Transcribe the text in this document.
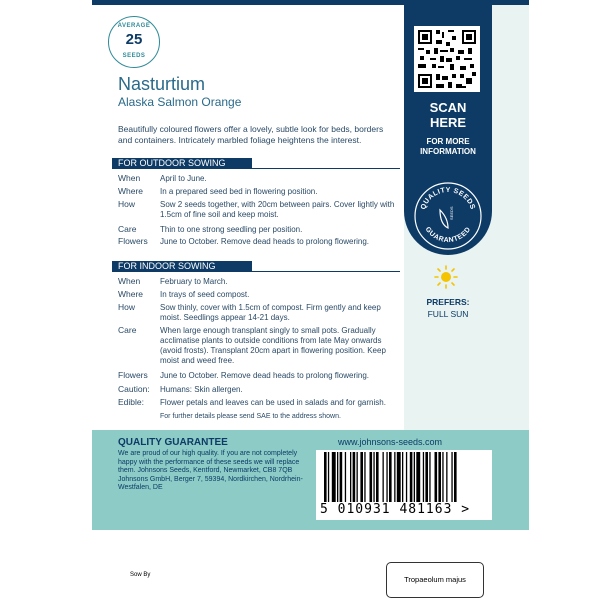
AVERAGE
25
SEEDS
Nasturtium
Alaska Salmon Orange
Beautifully coloured flowers offer a lovely, subtle look for beds, borders and containers. Intricately marbled foliage heightens the interest.
FOR OUTDOOR SOWING
When April to June.
Where In a prepared seed bed in flowering position.
How	Sow 2 seeds together, with 20cm between pairs. Cover lightly with 1.5cm of fine soil and keep moist.
Care	Thin to one strong seedling per position.
Flowers June to October. Remove dead heads to prolong flowering.
FOR INDOOR SOWING
When February to March.
Where In trays of seed compost.
How	Sow thinly, cover with 1.5cm of compost. Firm gently and keep moist. Seedlings appear 14-21 days.
Care	When large enough transplant singly to small pots. Gradually acclimatise plants to outside conditions from late May onwards (avoid frosts). Transplant 20cm apart in flowering position. Keep moist and weed free.
Flowers June to October. Remove dead heads to prolong flowering.
Caution: Humans: Skin allergen.
Edible: Flower petals and leaves can be used in salads and for garnish.
For further details please send SAE to the address shown.
SCAN
HERE
FOR MORE INFORMATION
QUALITY SEEDS
GUARANTEED
SEEDS
PREFERS:
FULL SUN
QUALITY GUARANTEE
We are proud of our high quality. If you are not completely happy with the performance of these seeds we will replace them. Johnsons Seeds, Kentford, Newmarket, CB8 7QB Johnsons GmbH, Berger 7, 59394, Nordkirchen, Nordrhein-Westfalen, DE
www.johnsons-seeds.com
5 010931 481163 >
Sow By	Tropaeolum majus
